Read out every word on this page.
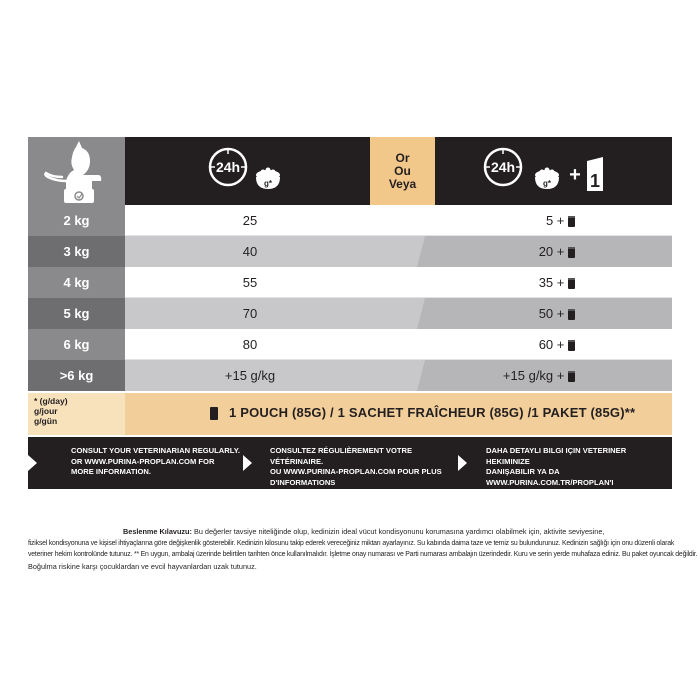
24h
g*
Or
Ou
Veya
24h
g* + 1
2 kg
3 kg
4 kg
5 kg
6 kg
>6 kg
25
40
55
70
80
+15 g/kg
5 +
20 +
35 +
50 +
60 +
+15 g/kg +
* (g/day)
g/jour
g/gün
1 POUCH (85G) / 1 SACHET FRAÎCHEUR (85G) /1 PAKET (85G)**
CONSULT YOUR VETERINARIAN REGULARLY.
OR WWW.PURINA-PROPLAN.COM FOR
MORE INFORMATION.
CONSULTEZ RÉGULIÈREMENT VOTRE VÉTÉRINAIRE.
OU WWW.PURINA-PROPLAN.COM POUR PLUS
D'INFORMATIONS
DAHA DETAYLI BILGI IÇIN VETERINER HEKIMINIZE
DANIŞABILIR YA DA WWW.PURINA.COM.TR/PROPLAN'I
ZIYARET EDEBILIRSINIZ.
Beslenme Kılavuzu: Bu değerler tavsiye niteliğinde olup, kedinizin ideal vücut kondisyonunu korumasına yardımcı olabilmek için, aktivite seviyesine,
fiziksel kondisyonuna ve kişisel ihtiyaçlarına göre değişkenlik gösterebilir. Kedinizin kilosunu takip ederek vereceğiniz miktarı ayarlayınız. Su kabında daima taze ve temiz su bulundurunuz. Kedinizin sağlığı için onu düzenli olarak
veteriner hekim kontrolünde tutunuz. ** En uygun, ambalaj üzerinde belirtilen tarihten önce kullanılmalıdır. İşletme onay numarası ve Parti numarası ambalajın üzerindedir. Kuru ve serin yerde muhafaza ediniz. Bu paket oyuncak değildir.
Boğulma riskine karşı çocuklardan ve evcil hayvanlardan uzak tutunuz.
